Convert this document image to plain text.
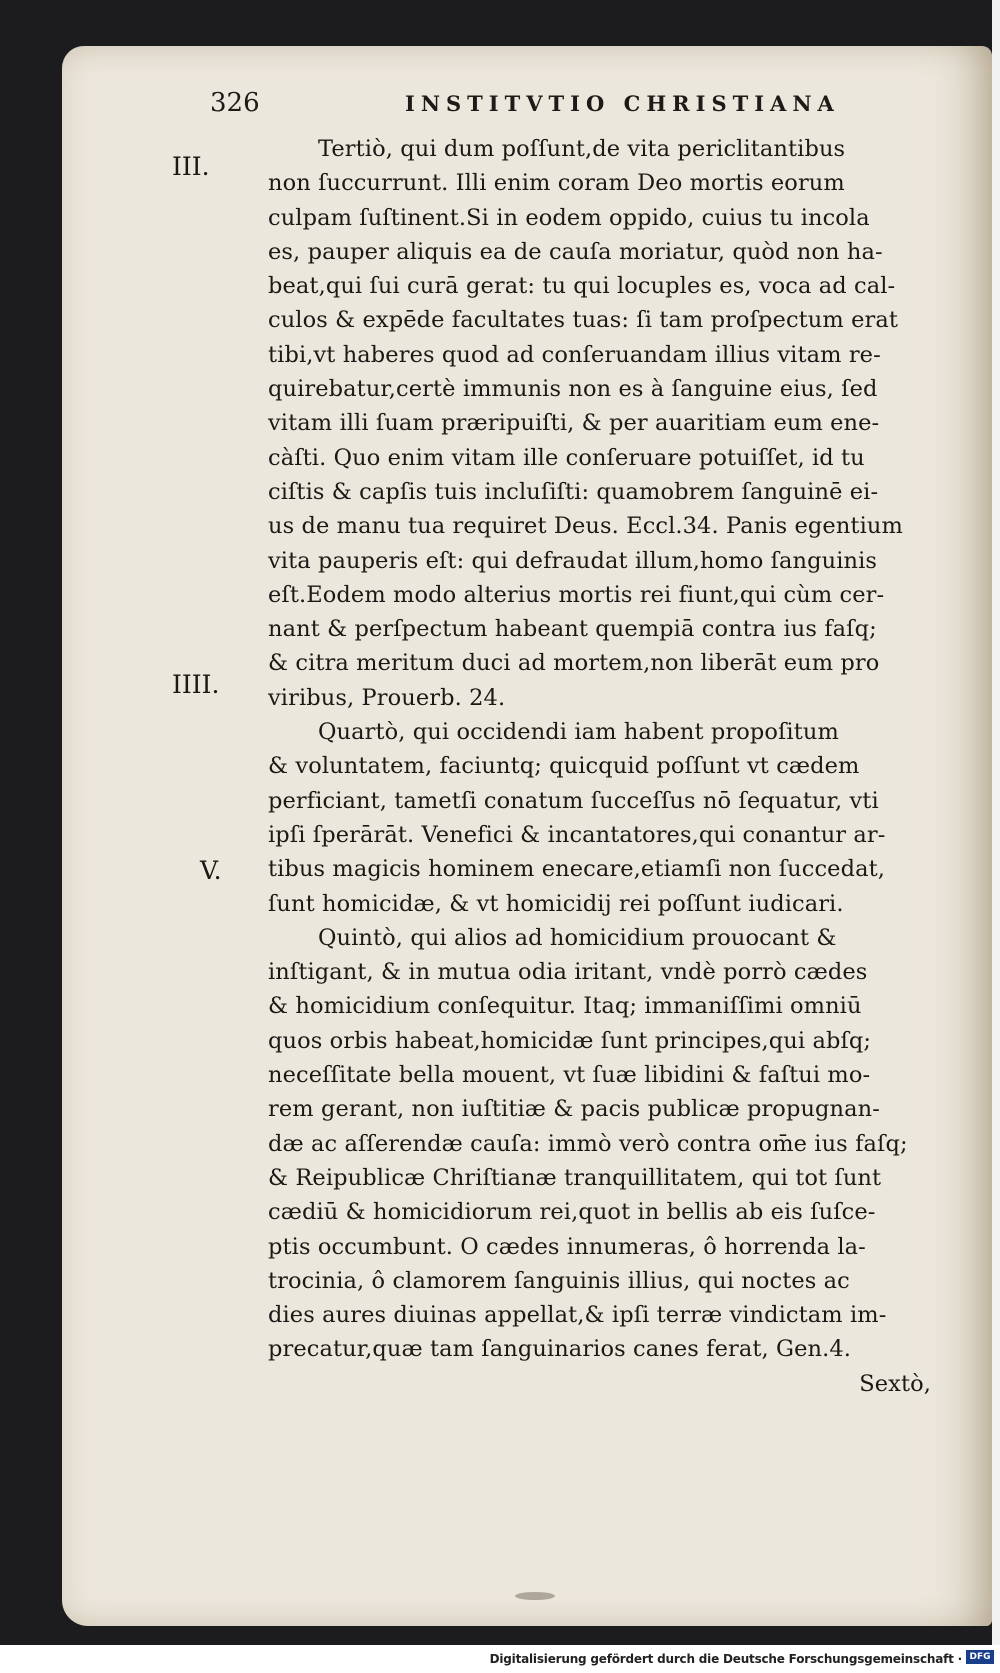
326	INSTITVTIO CHRISTIANA
III.
IIII.
V.
Tertiò, qui dum poſſunt,de vita periclitantibus
non ſuccurrunt. Illi enim coram Deo mortis eorum
culpam ſuſtinent.Si in eodem oppido, cuius tu incola
es, pauper aliquis ea de cauſa moriatur, quòd non ha-
beat,qui ſui curā gerat: tu qui locuples es, voca ad cal-
culos & expēde facultates tuas: ſi tam proſpectum erat
tibi,vt haberes quod ad conſeruandam illius vitam re-
quirebatur,certè immunis non es à ſanguine eius, ſed
vitam illi ſuam præripuiſti, & per auaritiam eum ene-
càſti. Quo enim vitam ille conſeruare potuiſſet, id tu
ciſtis & capſis tuis incluſiſti: quamobrem ſanguinē ei-
us de manu tua requiret Deus. Eccl.34. Panis egentium
vita pauperis eſt: qui defraudat illum,homo ſanguinis
eſt.Eodem modo alterius mortis rei fiunt,qui cùm cer-
nant & perſpectum habeant quempiā contra ius faſq;
& citra meritum duci ad mortem,non liberāt eum pro
viribus, Prouerb. 24.
Quartò, qui occidendi iam habent propoſitum
& voluntatem, faciuntq; quicquid poſſunt vt cædem
perficiant, tametſi conatum ſucceſſus nō ſequatur, vti
ipſi ſperārāt. Venefici & incantatores,qui conantur ar-
tibus magicis hominem enecare,etiamſi non ſuccedat,
ſunt homicidæ, & vt homicidij rei poſſunt iudicari.
Quintò, qui alios ad homicidium prouocant &
inſtigant, & in mutua odia iritant, vndè porrò cædes
& homicidium conſequitur. Itaq; immaniſſimi omniū
quos orbis habeat,homicidæ ſunt principes,qui abſq;
neceſſitate bella mouent, vt ſuæ libidini & faſtui mo-
rem gerant, non iuſtitiæ & pacis publicæ propugnan-
dæ ac aſſerendæ cauſa: immò verò contra om̄e ius faſq;
& Reipublicæ Chriſtianæ tranquillitatem, qui tot ſunt
cædiū & homicidiorum rei,quot in bellis ab eis ſuſce-
ptis occumbunt. O cædes innumeras, ô horrenda la-
trocinia, ô clamorem ſanguinis illius, qui noctes ac
dies aures diuinas appellat,& ipſi terræ vindictam im-
precatur,quæ tam ſanguinarios canes ferat, Gen.4.
Sextò,
Digitalisierung gefördert durch die Deutsche Forschungsgemeinschaft · DFG
